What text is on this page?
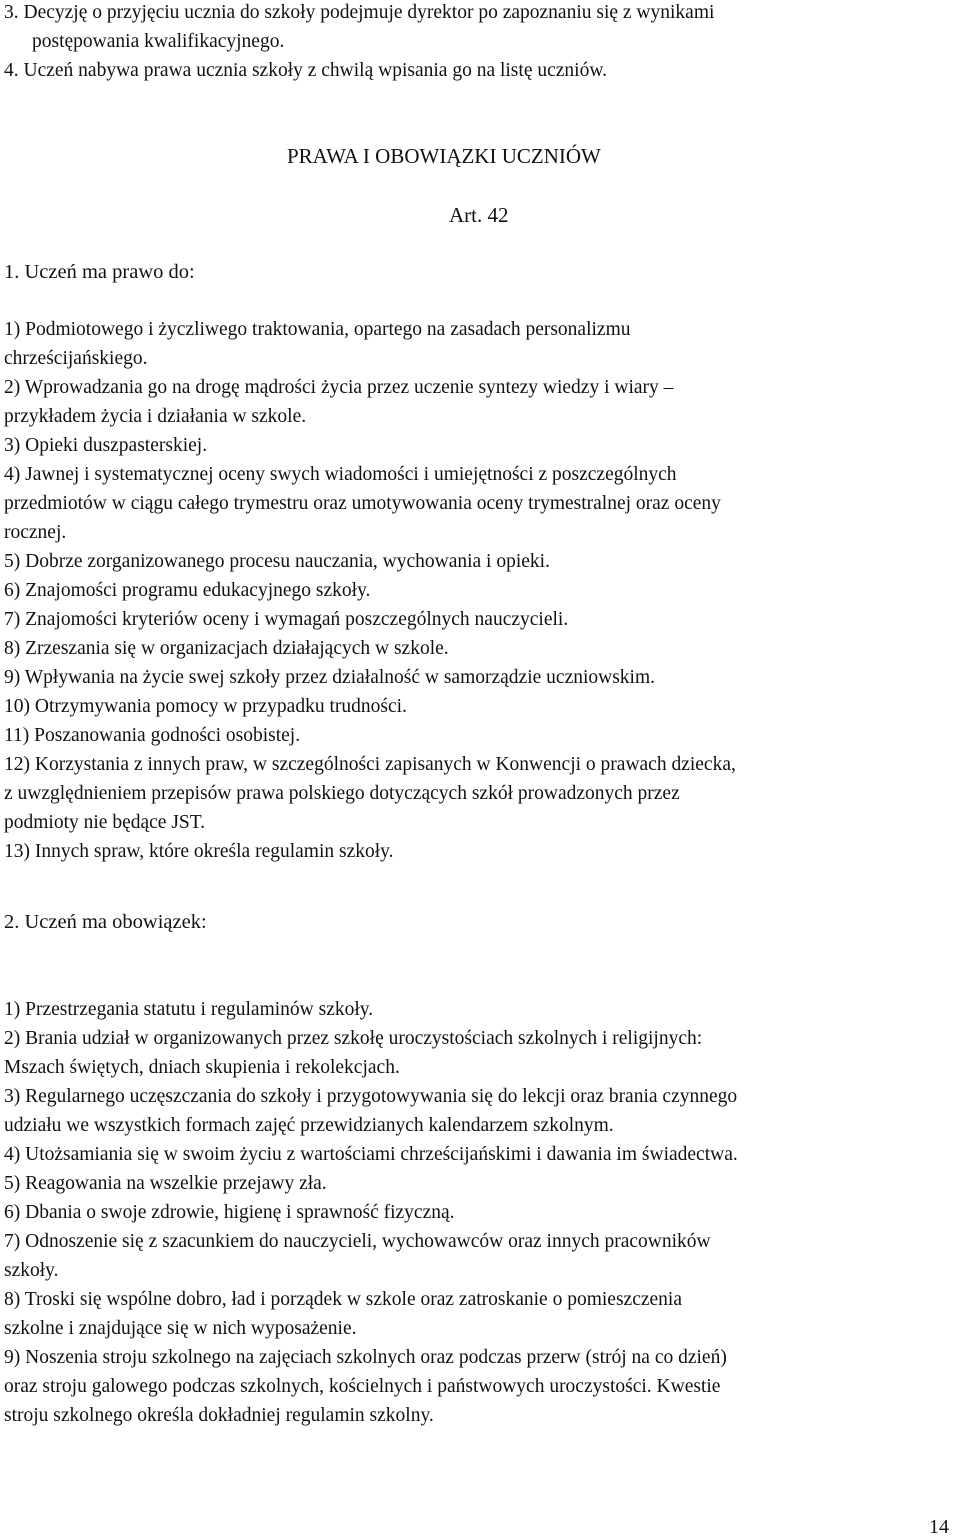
3. Decyzję o przyjęciu ucznia do szkoły podejmuje dyrektor po zapoznaniu się z wynikami
postępowania kwalifikacyjnego.
4. Uczeń nabywa prawa ucznia szkoły z chwilą wpisania go na listę uczniów.
PRAWA I OBOWIĄZKI UCZNIÓW
Art. 42
1. Uczeń ma prawo do:
1) Podmiotowego i życzliwego traktowania, opartego na zasadach personalizmu
chrześcijańskiego.
2) Wprowadzania go na drogę mądrości życia przez uczenie syntezy wiedzy i wiary –
przykładem życia i działania w szkole.
3) Opieki duszpasterskiej.
4) Jawnej i systematycznej oceny swych wiadomości i umiejętności z poszczególnych
przedmiotów w ciągu całego trymestru oraz umotywowania oceny trymestralnej oraz oceny
rocznej.
5) Dobrze zorganizowanego procesu nauczania, wychowania i opieki.
6) Znajomości programu edukacyjnego szkoły.
7) Znajomości kryteriów oceny i wymagań poszczególnych nauczycieli.
8) Zrzeszania się w organizacjach działających w szkole.
9) Wpływania na życie swej szkoły przez działalność w samorządzie uczniowskim.
10) Otrzymywania pomocy w przypadku trudności.
11) Poszanowania godności osobistej.
12) Korzystania z innych praw, w szczególności zapisanych w Konwencji o prawach dziecka,
z uwzględnieniem przepisów prawa polskiego dotyczących szkół prowadzonych przez
podmioty nie będące JST.
13) Innych spraw, które określa regulamin szkoły.
2. Uczeń ma obowiązek:
1) Przestrzegania statutu i regulaminów szkoły.
2) Brania udział w organizowanych przez szkołę uroczystościach szkolnych i religijnych:
Mszach świętych, dniach skupienia i rekolekcjach.
3) Regularnego uczęszczania do szkoły i przygotowywania się do lekcji oraz brania czynnego
udziału we wszystkich formach zajęć przewidzianych kalendarzem szkolnym.
4) Utożsamiania się w swoim życiu z wartościami chrześcijańskimi i dawania im świadectwa.
5) Reagowania na wszelkie przejawy zła.
6) Dbania o swoje zdrowie, higienę i sprawność fizyczną.
7) Odnoszenie się z szacunkiem do nauczycieli, wychowawców oraz innych pracowników
szkoły.
8) Troski się wspólne dobro, ład i porządek w szkole oraz zatroskanie o pomieszczenia
szkolne i znajdujące się w nich wyposażenie.
9) Noszenia stroju szkolnego na zajęciach szkolnych oraz podczas przerw (strój na co dzień)
oraz stroju galowego podczas szkolnych, kościelnych i państwowych uroczystości. Kwestie
stroju szkolnego określa dokładniej regulamin szkolny.
14
